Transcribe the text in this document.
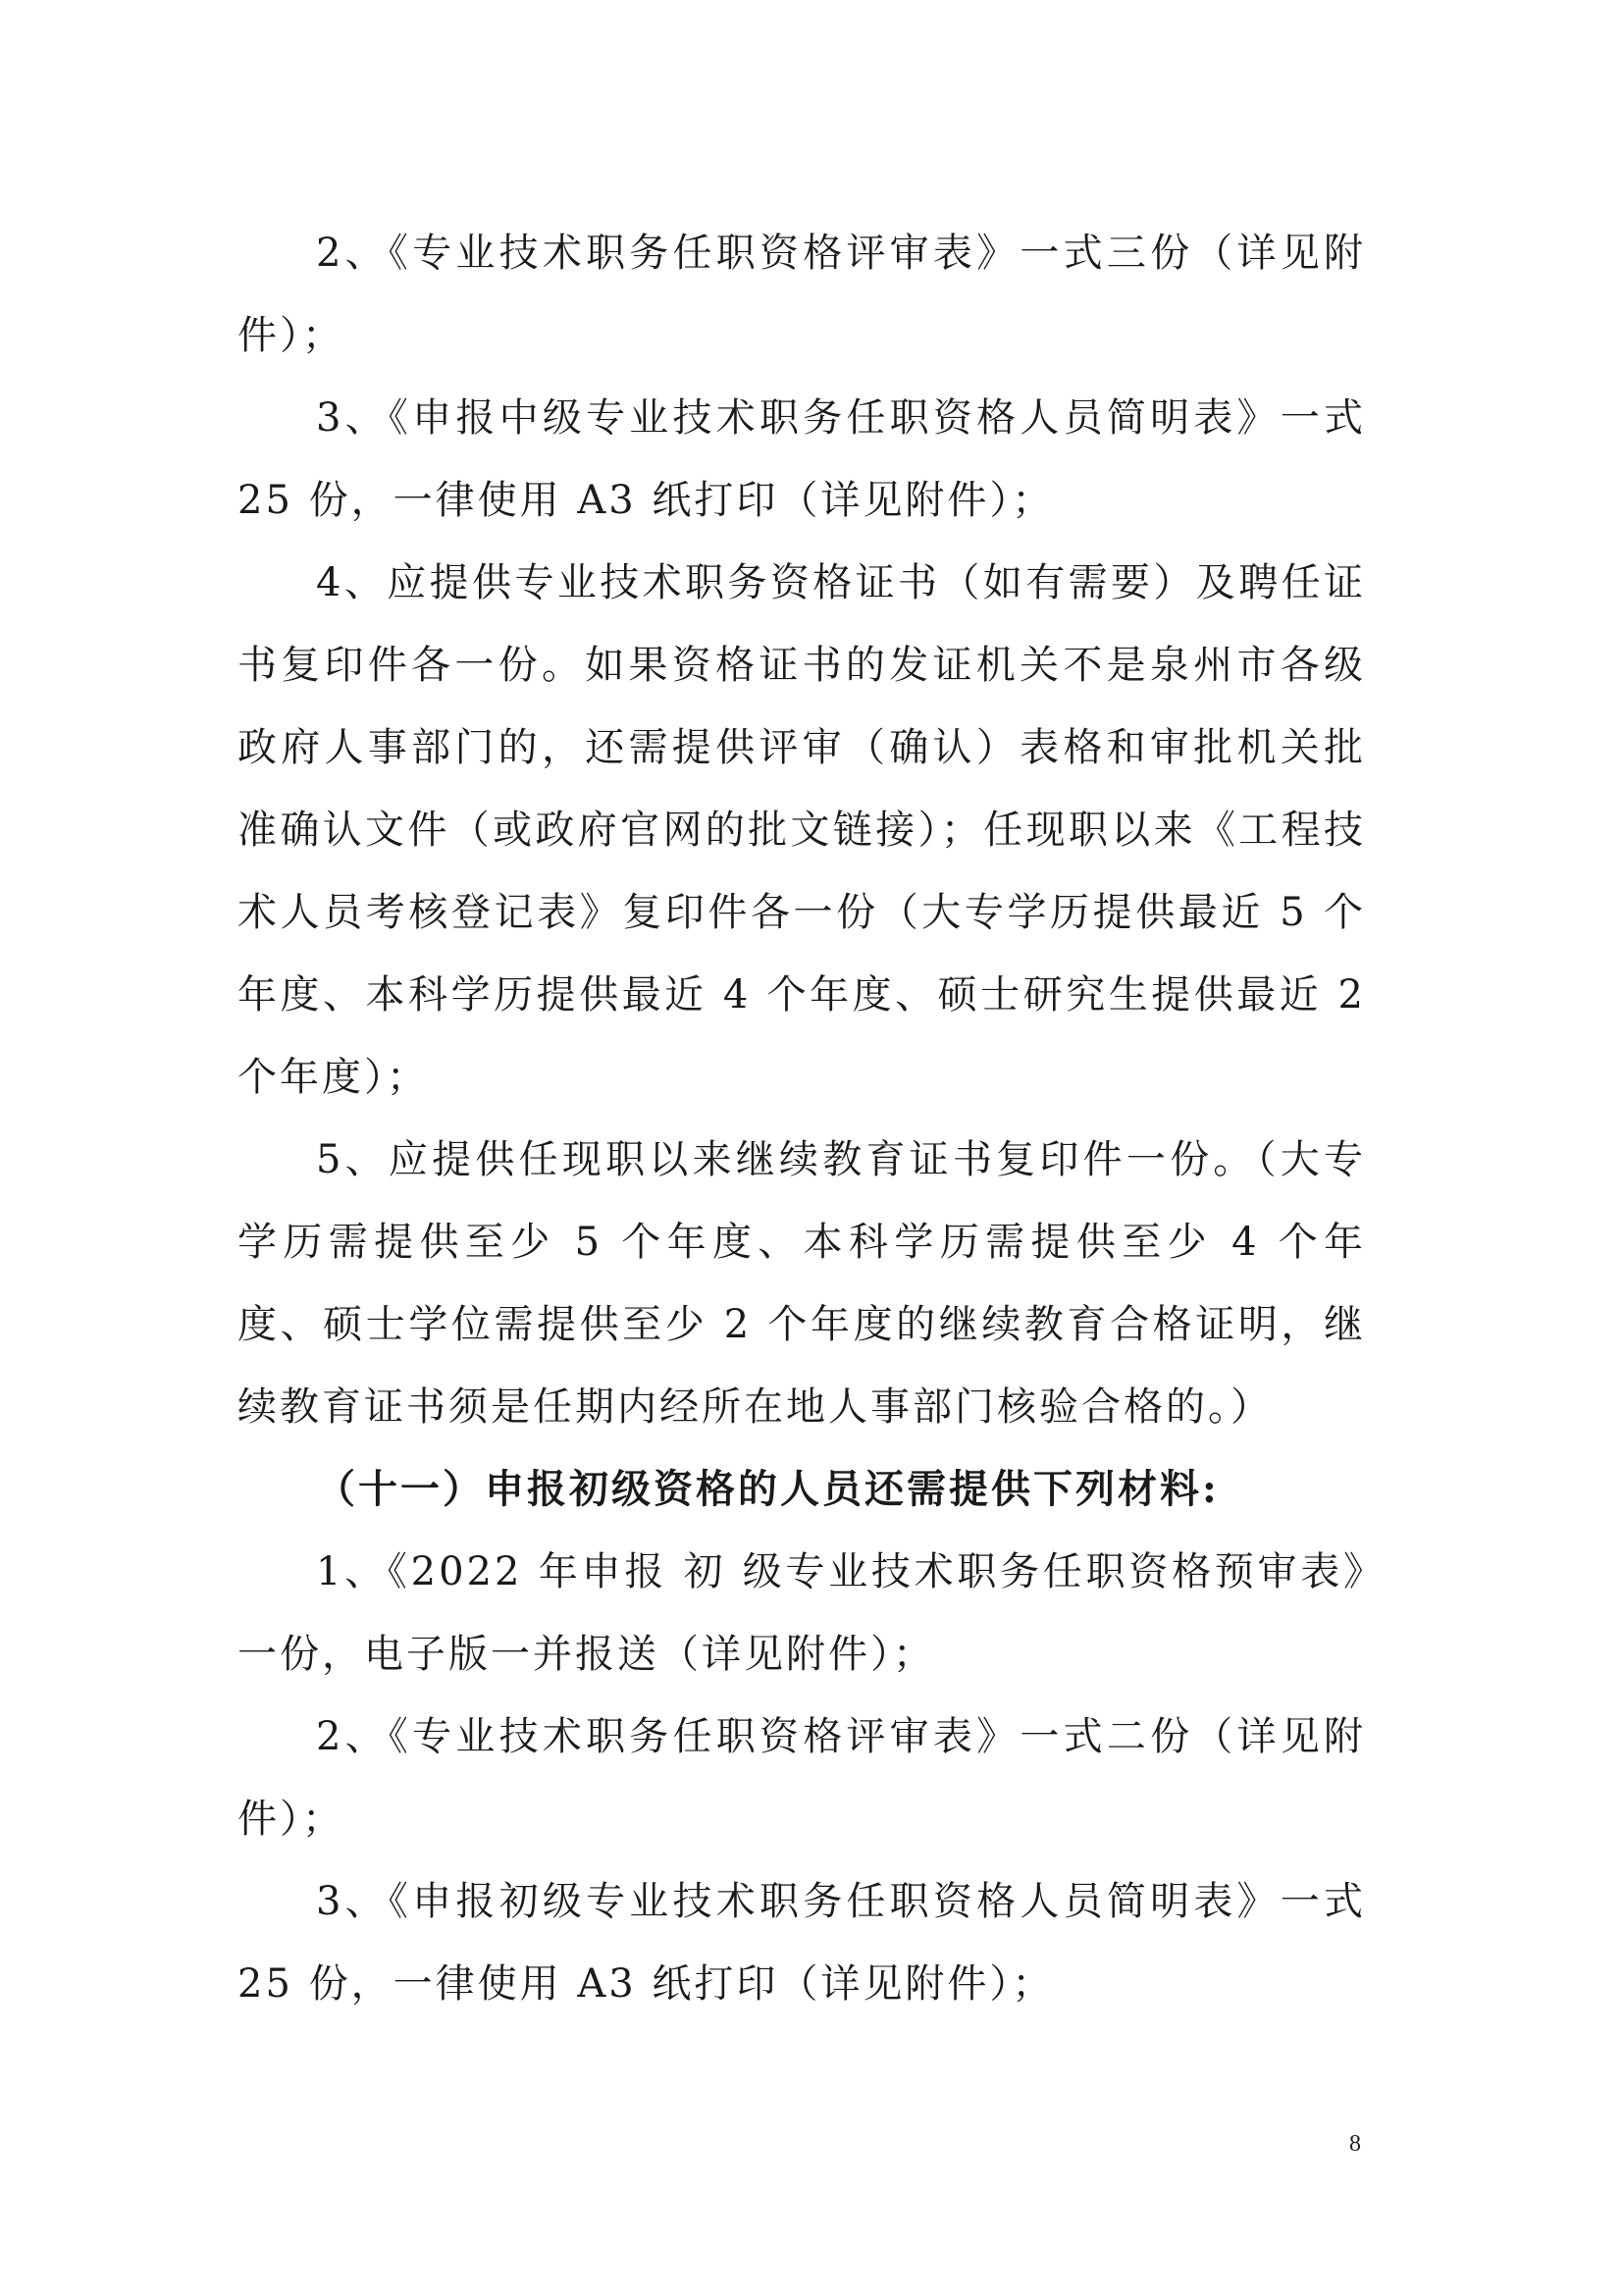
2、《专业技术职务任职资格评审表》一式三份（详见附件）；

3、《申报中级专业技术职务任职资格人员简明表》一式 25 份，一律使用 A3 纸打印（详见附件）；

4、应提供专业技术职务资格证书（如有需要）及聘任证书复印件各一份。如果资格证书的发证机关不是泉州市各级政府人事部门的，还需提供评审（确认）表格和审批机关批准确认文件（或政府官网的批文链接）；任现职以来《工程技术人员考核登记表》复印件各一份（大专学历提供最近 5 个年度、本科学历提供最近 4 个年度、硕士研究生提供最近 2 个年度）；

5、应提供任现职以来继续教育证书复印件一份。（大专学历需提供至少 5 个年度、本科学历需提供至少 4 个年度、硕士学位需提供至少 2 个年度的继续教育合格证明，继续教育证书须是任期内经所在地人事部门核验合格的。）

（十一）申报初级资格的人员还需提供下列材料:

1、《2022 年申报 初 级专业技术职务任职资格预审表》一份，电子版一并报送（详见附件）；

2、《专业技术职务任职资格评审表》一式二份（详见附件）；

3、《申报初级专业技术职务任职资格人员简明表》一式 25 份，一律使用 A3 纸打印（详见附件）；

8
